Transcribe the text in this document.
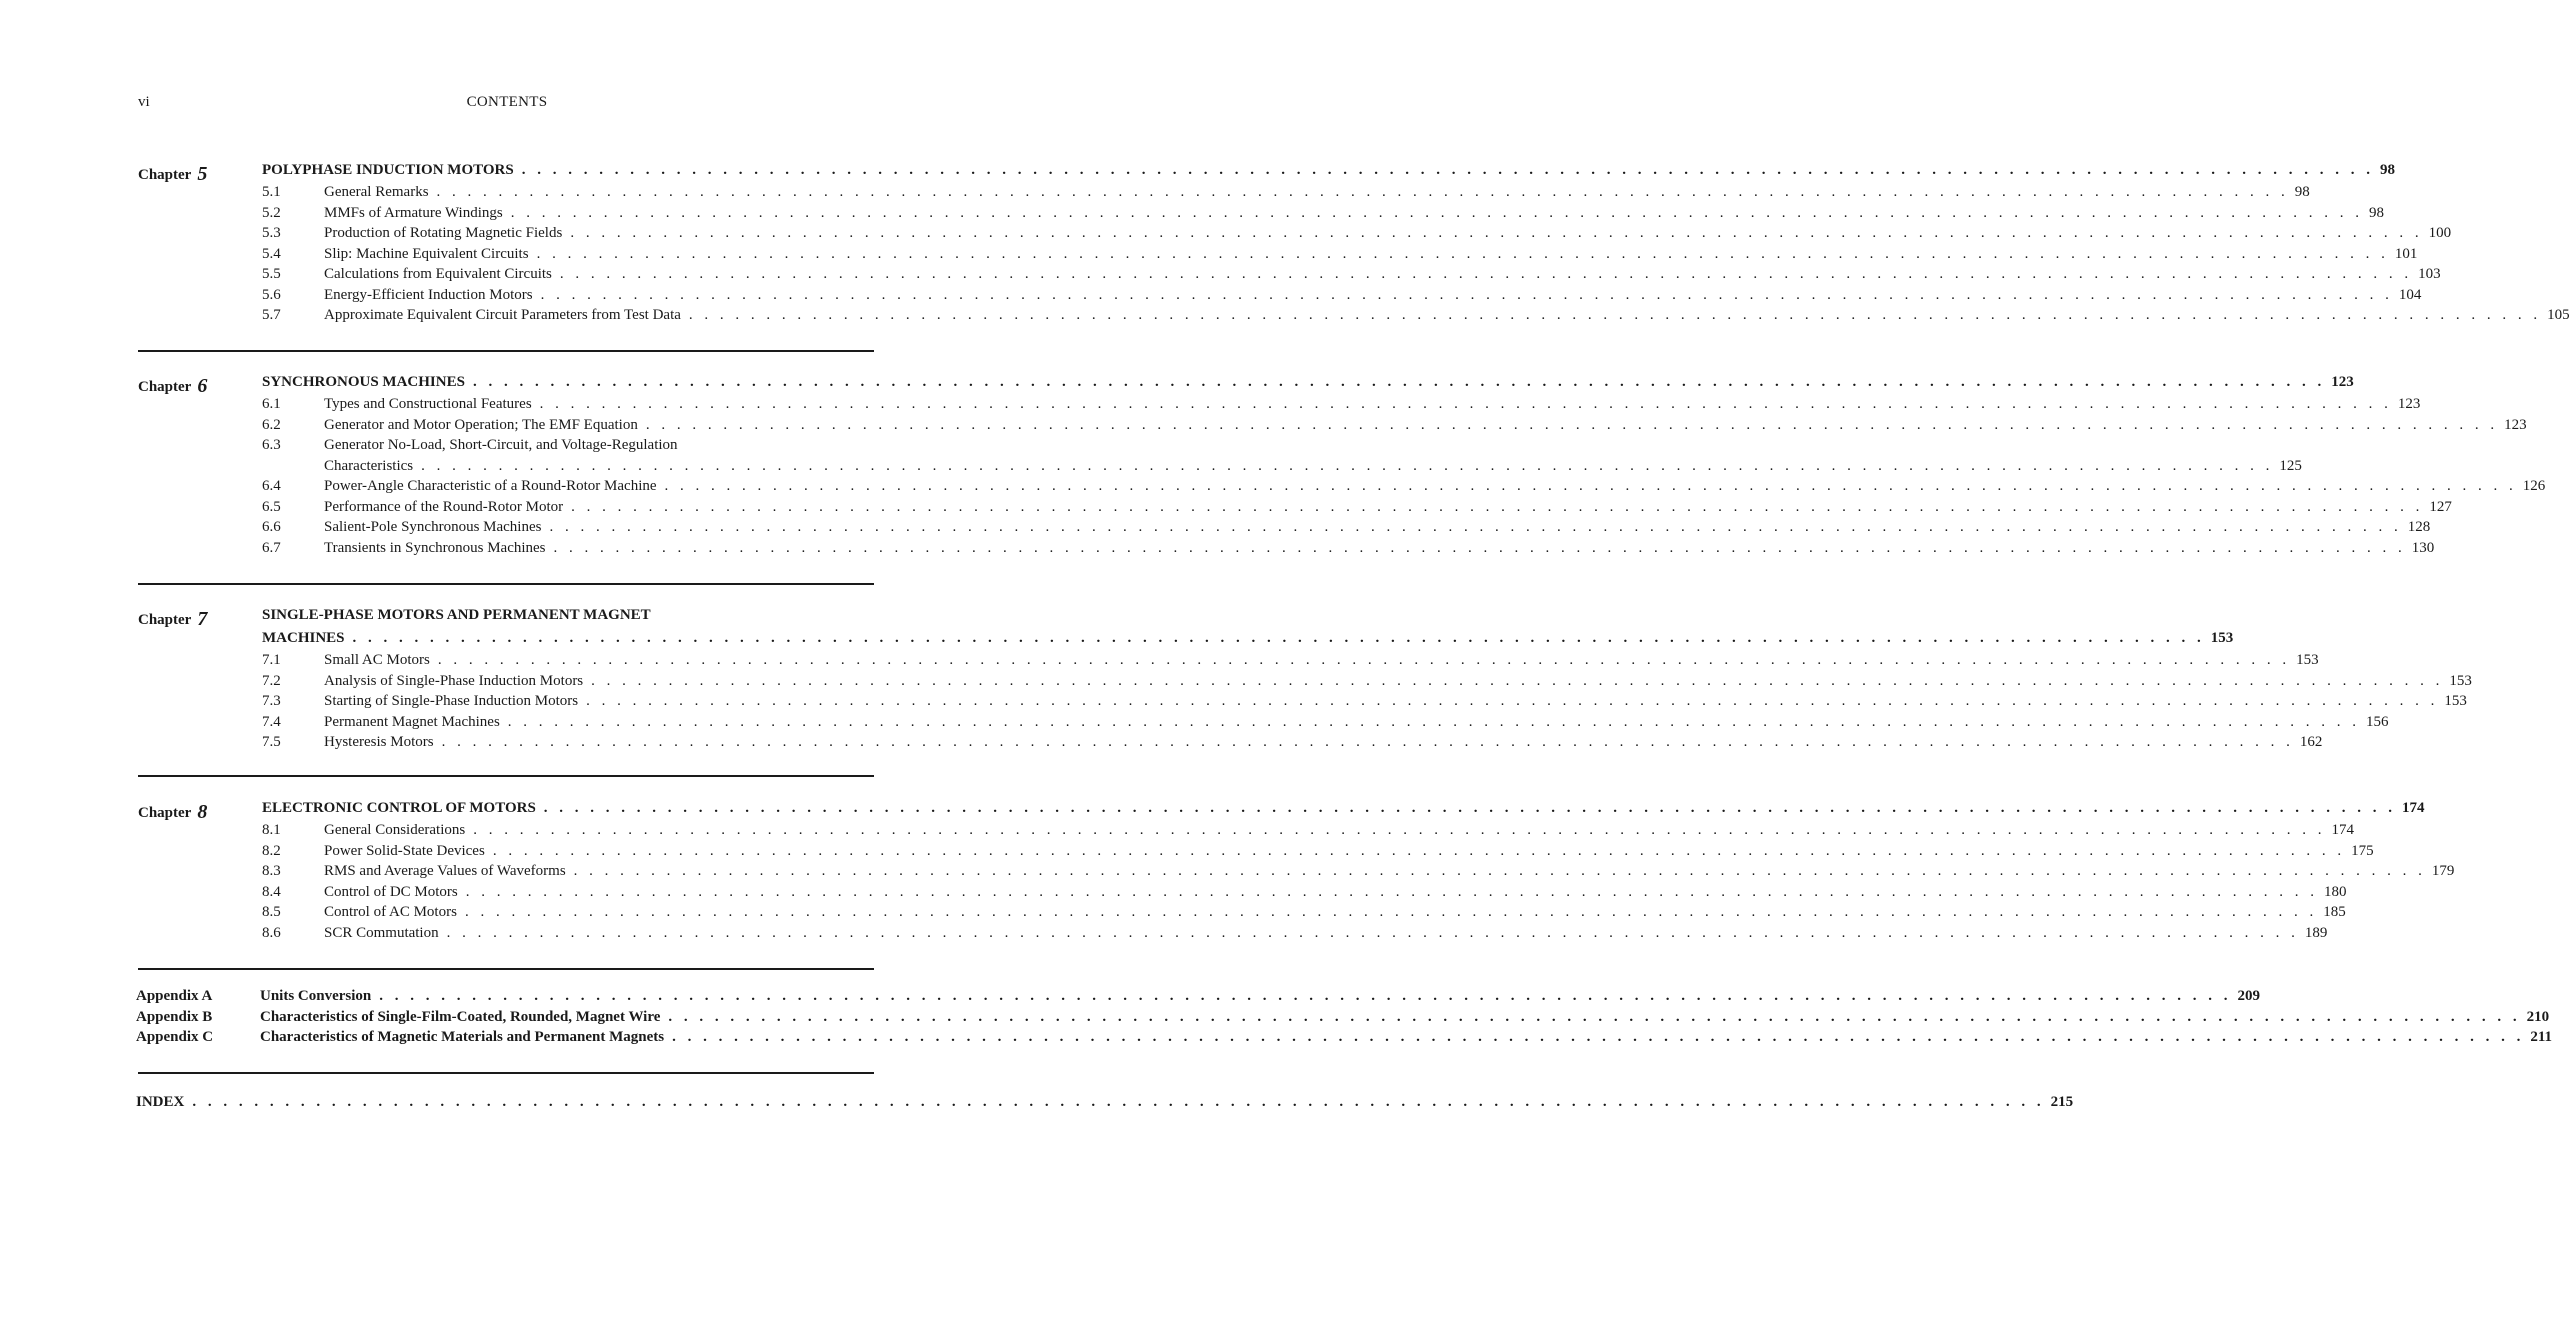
vi	CONTENTS
Chapter 5	POLYPHASE INDUCTION MOTORS . . . . . . . . . . . . . . . . . . . . . . . . . . . . . . . . . . . . . . . . . . . . . . . . . . . . . . . . . . . . . . . . . . . . . . . . . . . . . . . . . . . . . . . . . . . . . . . . . . . . . . . . . . . . . . . . . . . . . . . . 98
5.1	General Remarks . . . . . . . . . . . . . . . . . . . . . . . . . . . . . . . . . . . . . . . . . . . . . . . . . . . . . . . . . . . . . . . . . . . . . . . . . . . . . . . . . . . . . . . . . . . . . . . . . . . . . . . . . . . . . . . . . . . . . . . . 98
5.2	MMFs of Armature Windings . . . . . . . . . . . . . . . . . . . . . . . . . . . . . . . . . . . . . . . . . . . . . . . . . . . . . . . . . . . . . . . . . . . . . . . . . . . . . . . . . . . . . . . . . . . . . . . . . . . . . . . . . . . . . . . . . . . . . . . . 98
5.3	Production of Rotating Magnetic Fields . . . . . . . . . . . . . . . . . . . . . . . . . . . . . . . . . . . . . . . . . . . . . . . . . . . . . . . . . . . . . . . . . . . . . . . . . . . . . . . . . . . . . . . . . . . . . . . . . . . . . . . . . . . . . . . . . . . . . . . . 100
5.4	Slip: Machine Equivalent Circuits . . . . . . . . . . . . . . . . . . . . . . . . . . . . . . . . . . . . . . . . . . . . . . . . . . . . . . . . . . . . . . . . . . . . . . . . . . . . . . . . . . . . . . . . . . . . . . . . . . . . . . . . . . . . . . . . . . . . . . . . 101
5.5	Calculations from Equivalent Circuits . . . . . . . . . . . . . . . . . . . . . . . . . . . . . . . . . . . . . . . . . . . . . . . . . . . . . . . . . . . . . . . . . . . . . . . . . . . . . . . . . . . . . . . . . . . . . . . . . . . . . . . . . . . . . . . . . . . . . . . . 103
5.6	Energy-Efficient Induction Motors . . . . . . . . . . . . . . . . . . . . . . . . . . . . . . . . . . . . . . . . . . . . . . . . . . . . . . . . . . . . . . . . . . . . . . . . . . . . . . . . . . . . . . . . . . . . . . . . . . . . . . . . . . . . . . . . . . . . . . . . 104
5.7	Approximate Equivalent Circuit Parameters from Test Data . . . . . . . . . . . . . . . . . . . . . . . . . . . . . . . . . . . . . . . . . . . . . . . . . . . . . . . . . . . . . . . . . . . . . . . . . . . . . . . . . . . . . . . . . . . . . . . . . . . . . . . . . . . . . . . . . . . . . . . . 105
Chapter 6	SYNCHRONOUS MACHINES . . . . . . . . . . . . . . . . . . . . . . . . . . . . . . . . . . . . . . . . . . . . . . . . . . . . . . . . . . . . . . . . . . . . . . . . . . . . . . . . . . . . . . . . . . . . . . . . . . . . . . . . . . . . . . . . . . . . . . . . 123
6.1	Types and Constructional Features . . . . . . . . . . . . . . . . . . . . . . . . . . . . . . . . . . . . . . . . . . . . . . . . . . . . . . . . . . . . . . . . . . . . . . . . . . . . . . . . . . . . . . . . . . . . . . . . . . . . . . . . . . . . . . . . . . . . . . . . 123
6.2	Generator and Motor Operation; The EMF Equation . . . . . . . . . . . . . . . . . . . . . . . . . . . . . . . . . . . . . . . . . . . . . . . . . . . . . . . . . . . . . . . . . . . . . . . . . . . . . . . . . . . . . . . . . . . . . . . . . . . . . . . . . . . . . . . . . . . . . . . . 123
6.3	Generator No-Load, Short-Circuit, and Voltage-Regulation
Characteristics . . . . . . . . . . . . . . . . . . . . . . . . . . . . . . . . . . . . . . . . . . . . . . . . . . . . . . . . . . . . . . . . . . . . . . . . . . . . . . . . . . . . . . . . . . . . . . . . . . . . . . . . . . . . . . . . . . . . . . . . 125
6.4	Power-Angle Characteristic of a Round-Rotor Machine . . . . . . . . . . . . . . . . . . . . . . . . . . . . . . . . . . . . . . . . . . . . . . . . . . . . . . . . . . . . . . . . . . . . . . . . . . . . . . . . . . . . . . . . . . . . . . . . . . . . . . . . . . . . . . . . . . . . . . . . 126
6.5	Performance of the Round-Rotor Motor . . . . . . . . . . . . . . . . . . . . . . . . . . . . . . . . . . . . . . . . . . . . . . . . . . . . . . . . . . . . . . . . . . . . . . . . . . . . . . . . . . . . . . . . . . . . . . . . . . . . . . . . . . . . . . . . . . . . . . . . 127
6.6	Salient-Pole Synchronous Machines . . . . . . . . . . . . . . . . . . . . . . . . . . . . . . . . . . . . . . . . . . . . . . . . . . . . . . . . . . . . . . . . . . . . . . . . . . . . . . . . . . . . . . . . . . . . . . . . . . . . . . . . . . . . . . . . . . . . . . . . 128
6.7	Transients in Synchronous Machines . . . . . . . . . . . . . . . . . . . . . . . . . . . . . . . . . . . . . . . . . . . . . . . . . . . . . . . . . . . . . . . . . . . . . . . . . . . . . . . . . . . . . . . . . . . . . . . . . . . . . . . . . . . . . . . . . . . . . . . . 130
Chapter 7	SINGLE-PHASE MOTORS AND PERMANENT MAGNET
MACHINES . . . . . . . . . . . . . . . . . . . . . . . . . . . . . . . . . . . . . . . . . . . . . . . . . . . . . . . . . . . . . . . . . . . . . . . . . . . . . . . . . . . . . . . . . . . . . . . . . . . . . . . . . . . . . . . . . . . . . . . . 153
7.1	Small AC Motors . . . . . . . . . . . . . . . . . . . . . . . . . . . . . . . . . . . . . . . . . . . . . . . . . . . . . . . . . . . . . . . . . . . . . . . . . . . . . . . . . . . . . . . . . . . . . . . . . . . . . . . . . . . . . . . . . . . . . . . . 153
7.2	Analysis of Single-Phase Induction Motors . . . . . . . . . . . . . . . . . . . . . . . . . . . . . . . . . . . . . . . . . . . . . . . . . . . . . . . . . . . . . . . . . . . . . . . . . . . . . . . . . . . . . . . . . . . . . . . . . . . . . . . . . . . . . . . . . . . . . . . . 153
7.3	Starting of Single-Phase Induction Motors . . . . . . . . . . . . . . . . . . . . . . . . . . . . . . . . . . . . . . . . . . . . . . . . . . . . . . . . . . . . . . . . . . . . . . . . . . . . . . . . . . . . . . . . . . . . . . . . . . . . . . . . . . . . . . . . . . . . . . . . 153
7.4	Permanent Magnet Machines . . . . . . . . . . . . . . . . . . . . . . . . . . . . . . . . . . . . . . . . . . . . . . . . . . . . . . . . . . . . . . . . . . . . . . . . . . . . . . . . . . . . . . . . . . . . . . . . . . . . . . . . . . . . . . . . . . . . . . . . 156
7.5	Hysteresis Motors . . . . . . . . . . . . . . . . . . . . . . . . . . . . . . . . . . . . . . . . . . . . . . . . . . . . . . . . . . . . . . . . . . . . . . . . . . . . . . . . . . . . . . . . . . . . . . . . . . . . . . . . . . . . . . . . . . . . . . . . 162
Chapter 8	ELECTRONIC CONTROL OF MOTORS . . . . . . . . . . . . . . . . . . . . . . . . . . . . . . . . . . . . . . . . . . . . . . . . . . . . . . . . . . . . . . . . . . . . . . . . . . . . . . . . . . . . . . . . . . . . . . . . . . . . . . . . . . . . . . . . . . . . . . . . 174
8.1	General Considerations . . . . . . . . . . . . . . . . . . . . . . . . . . . . . . . . . . . . . . . . . . . . . . . . . . . . . . . . . . . . . . . . . . . . . . . . . . . . . . . . . . . . . . . . . . . . . . . . . . . . . . . . . . . . . . . . . . . . . . . . 174
8.2	Power Solid-State Devices . . . . . . . . . . . . . . . . . . . . . . . . . . . . . . . . . . . . . . . . . . . . . . . . . . . . . . . . . . . . . . . . . . . . . . . . . . . . . . . . . . . . . . . . . . . . . . . . . . . . . . . . . . . . . . . . . . . . . . . . 175
8.3	RMS and Average Values of Waveforms . . . . . . . . . . . . . . . . . . . . . . . . . . . . . . . . . . . . . . . . . . . . . . . . . . . . . . . . . . . . . . . . . . . . . . . . . . . . . . . . . . . . . . . . . . . . . . . . . . . . . . . . . . . . . . . . . . . . . . . . 179
8.4	Control of DC Motors . . . . . . . . . . . . . . . . . . . . . . . . . . . . . . . . . . . . . . . . . . . . . . . . . . . . . . . . . . . . . . . . . . . . . . . . . . . . . . . . . . . . . . . . . . . . . . . . . . . . . . . . . . . . . . . . . . . . . . . . 180
8.5	Control of AC Motors . . . . . . . . . . . . . . . . . . . . . . . . . . . . . . . . . . . . . . . . . . . . . . . . . . . . . . . . . . . . . . . . . . . . . . . . . . . . . . . . . . . . . . . . . . . . . . . . . . . . . . . . . . . . . . . . . . . . . . . . 185
8.6	SCR Commutation . . . . . . . . . . . . . . . . . . . . . . . . . . . . . . . . . . . . . . . . . . . . . . . . . . . . . . . . . . . . . . . . . . . . . . . . . . . . . . . . . . . . . . . . . . . . . . . . . . . . . . . . . . . . . . . . . . . . . . . . 189
Appendix A	Units Conversion . . . . . . . . . . . . . . . . . . . . . . . . . . . . . . . . . . . . . . . . . . . . . . . . . . . . . . . . . . . . . . . . . . . . . . . . . . . . . . . . . . . . . . . . . . . . . . . . . . . . . . . . . . . . . . . . . . . . . . . . 209
Appendix B	Characteristics of Single-Film-Coated, Rounded, Magnet Wire . . . . . . . . . . . . . . . . . . . . . . . . . . . . . . . . . . . . . . . . . . . . . . . . . . . . . . . . . . . . . . . . . . . . . . . . . . . . . . . . . . . . . . . . . . . . . . . . . . . . . . . . . . . . . . . . . . . . . . . . 210
Appendix C	Characteristics of Magnetic Materials and Permanent Magnets . . . . . . . . . . . . . . . . . . . . . . . . . . . . . . . . . . . . . . . . . . . . . . . . . . . . . . . . . . . . . . . . . . . . . . . . . . . . . . . . . . . . . . . . . . . . . . . . . . . . . . . . . . . . . . . . . . . . . . . . 211
INDEX . . . . . . . . . . . . . . . . . . . . . . . . . . . . . . . . . . . . . . . . . . . . . . . . . . . . . . . . . . . . . . . . . . . . . . . . . . . . . . . . . . . . . . . . . . . . . . . . . . . . . . . . . . . . . . . . . . . . . . . . 215
